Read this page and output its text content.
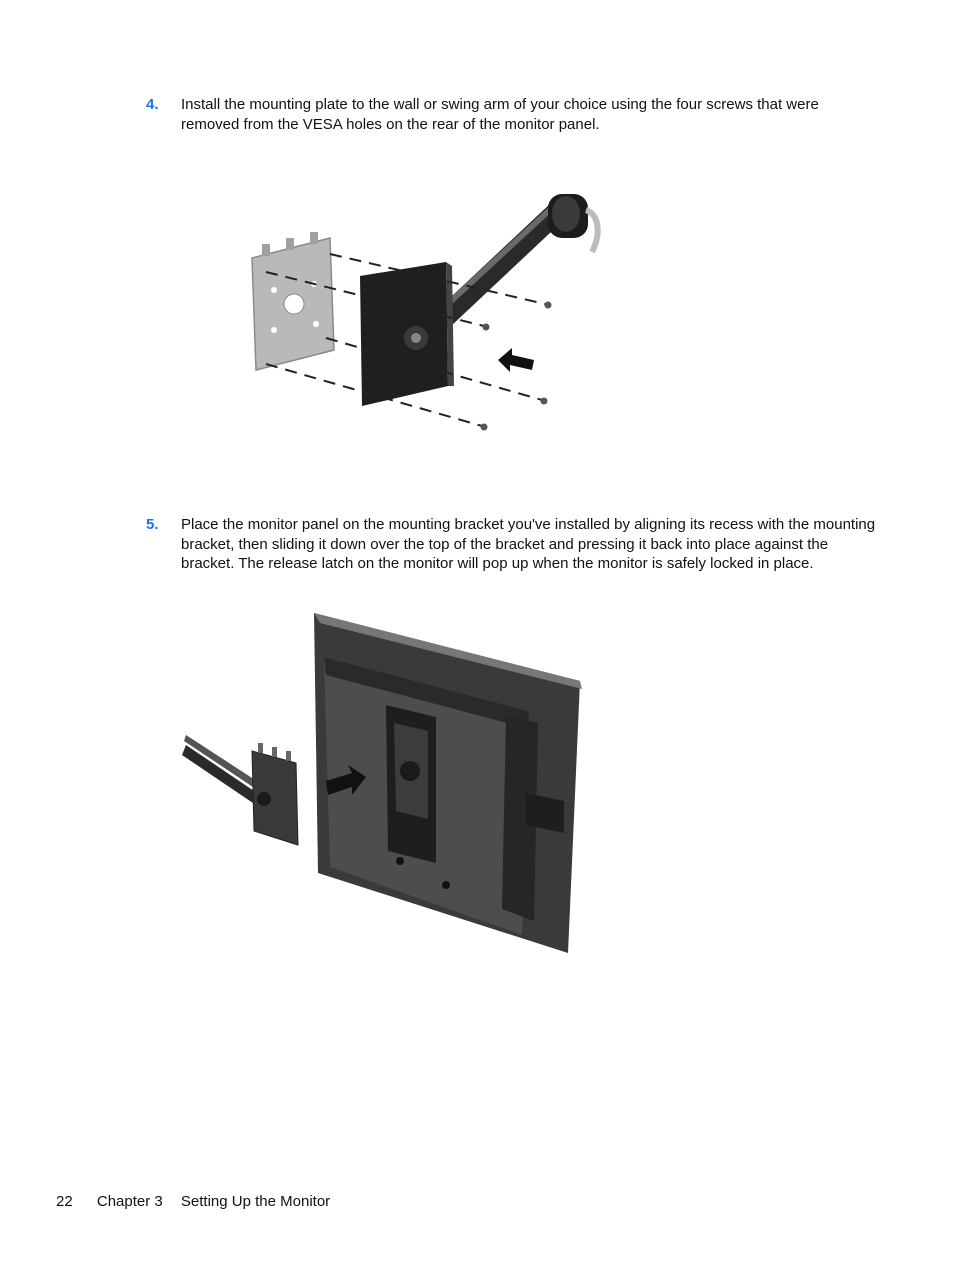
4. Install the mounting plate to the wall or swing arm of your choice using the four screws that were removed from the VESA holes on the rear of the monitor panel.
5. Place the monitor panel on the mounting bracket you've installed by aligning its recess with the mounting bracket, then sliding it down over the top of the bracket and pressing it back into place against the bracket. The release latch on the monitor will pop up when the monitor is safely locked in place.
22 Chapter 3 Setting Up the Monitor
